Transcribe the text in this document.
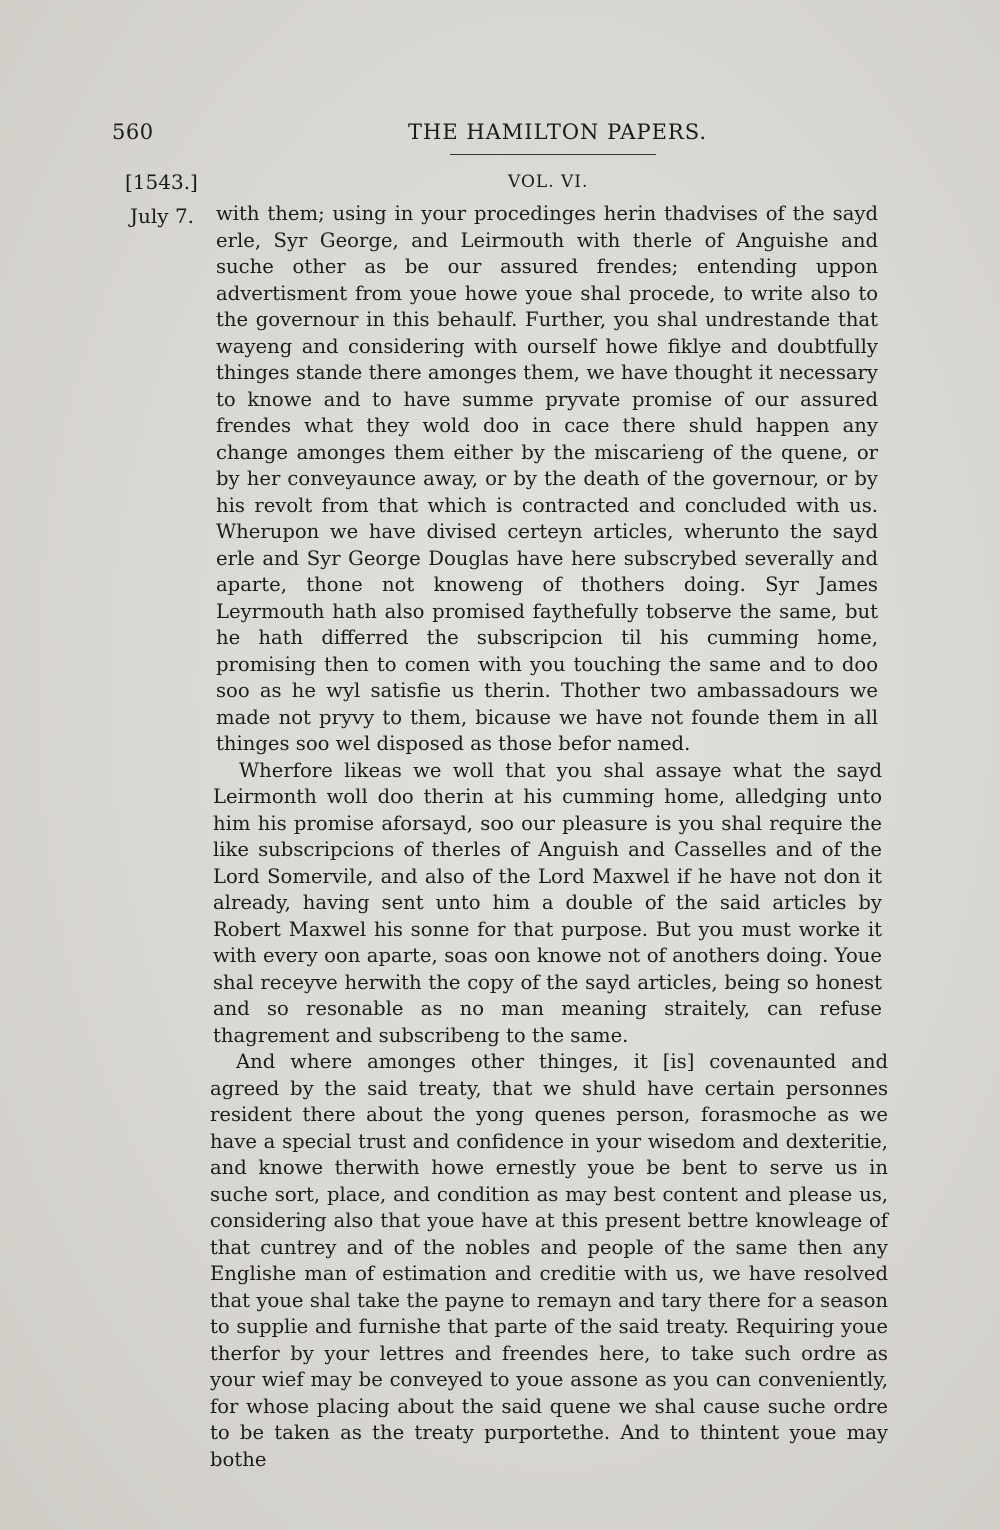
560	THE HAMILTON PAPERS.
[1543.]	VOL. VI.
July 7. with them; using in your procedinges herin thadvises of the sayd erle, Syr George, and Leirmouth with therle of Anguishe and suche other as be our assured frendes; entending uppon advertisment from youe howe youe shal procede, to write also to the governour in this behaulf. Further, you shal undrestande that wayeng and considering with ourself howe fiklye and doubtfully thinges stande there amonges them, we have thought it necessary to knowe and to have summe pryvate promise of our assured frendes what they wold doo in cace there shuld happen any change amonges them either by the miscarieng of the quene, or by her conveyaunce away, or by the death of the governour, or by his revolt from that which is contracted and concluded with us. Wherupon we have divised certeyn articles, wherunto the sayd erle and Syr George Douglas have here subscrybed severally and aparte, thone not knoweng of thothers doing. Syr James Leyrmouth hath also promised faythefully tobserve the same, but he hath differred the subscripcion til his cumming home, promising then to comen with you touching the same and to doo soo as he wyl satisfie us therin. Thother two ambassadours we made not pryvy to them, bicause we have not founde them in all thinges soo wel disposed as those befor named.

Wherfore likeas we woll that you shal assaye what the sayd Leirmonth woll doo therin at his cumming home, alledging unto him his promise aforsayd, soo our pleasure is you shal require the like subscripcions of therles of Anguish and Casselles and of the Lord Somervile, and also of the Lord Maxwel if he have not don it already, having sent unto him a double of the said articles by Robert Maxwel his sonne for that purpose. But you must worke it with every oon aparte, soas oon knowe not of anothers doing. Youe shal receyve herwith the copy of the sayd articles, being so honest and so resonable as no man meaning straitely, can refuse thagrement and subscribeng to the same.

And where amonges other thinges, it [is] covenaunted and agreed by the said treaty, that we shuld have certain personnes resident there about the yong quenes person, forasmoche as we have a special trust and confidence in your wisedom and dexteritie, and knowe therwith howe ernestly youe be bent to serve us in suche sort, place, and condition as may best content and please us, considering also that youe have at this present bettre knowleage of that cuntrey and of the nobles and people of the same then any Englishe man of estimation and creditie with us, we have resolved that youe shal take the payne to remayn and tary there for a season to supplie and furnishe that parte of the said treaty. Requiring youe therfor by your lettres and freendes here, to take such ordre as your wief may be conveyed to youe assone as you can conveniently, for whose placing about the said quene we shal cause suche ordre to be taken as the treaty purportethe. And to thintent youe may bothe
